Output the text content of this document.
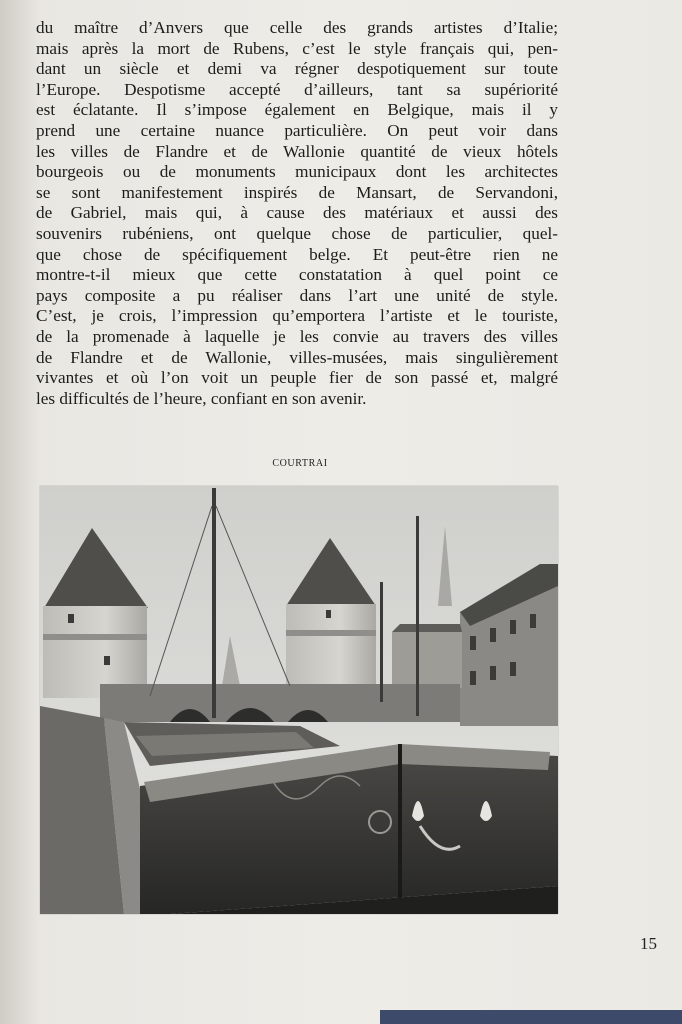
du maître d’Anvers que celle des grands artistes d’Italie;
mais après la mort de Rubens, c’est le style français qui, pen-
dant un siècle et demi va régner despotiquement sur toute
l’Europe. Despotisme accepté d’ailleurs, tant sa supériorité
est éclatante. Il s’impose également en Belgique, mais il y
prend une certaine nuance particulière. On peut voir dans
les villes de Flandre et de Wallonie quantité de vieux hôtels
bourgeois ou de monuments municipaux dont les architectes
se sont manifestement inspirés de Mansart, de Servandoni,
de Gabriel, mais qui, à cause des matériaux et aussi des
souvenirs rubéniens, ont quelque chose de particulier, quel-
que chose de spécifiquement belge. Et peut-être rien ne
montre-t-il mieux que cette constatation à quel point ce
pays composite a pu réaliser dans l’art une unité de style.
C’est, je crois, l’impression qu’emportera l’artiste et le touriste,
de la promenade à laquelle je les convie au travers des villes
de Flandre et de Wallonie, villes-musées, mais singulièrement
vivantes et où l’on voit un peuple fier de son passé et, malgré
les difficultés de l’heure, confiant en son avenir.
COURTRAI
15
